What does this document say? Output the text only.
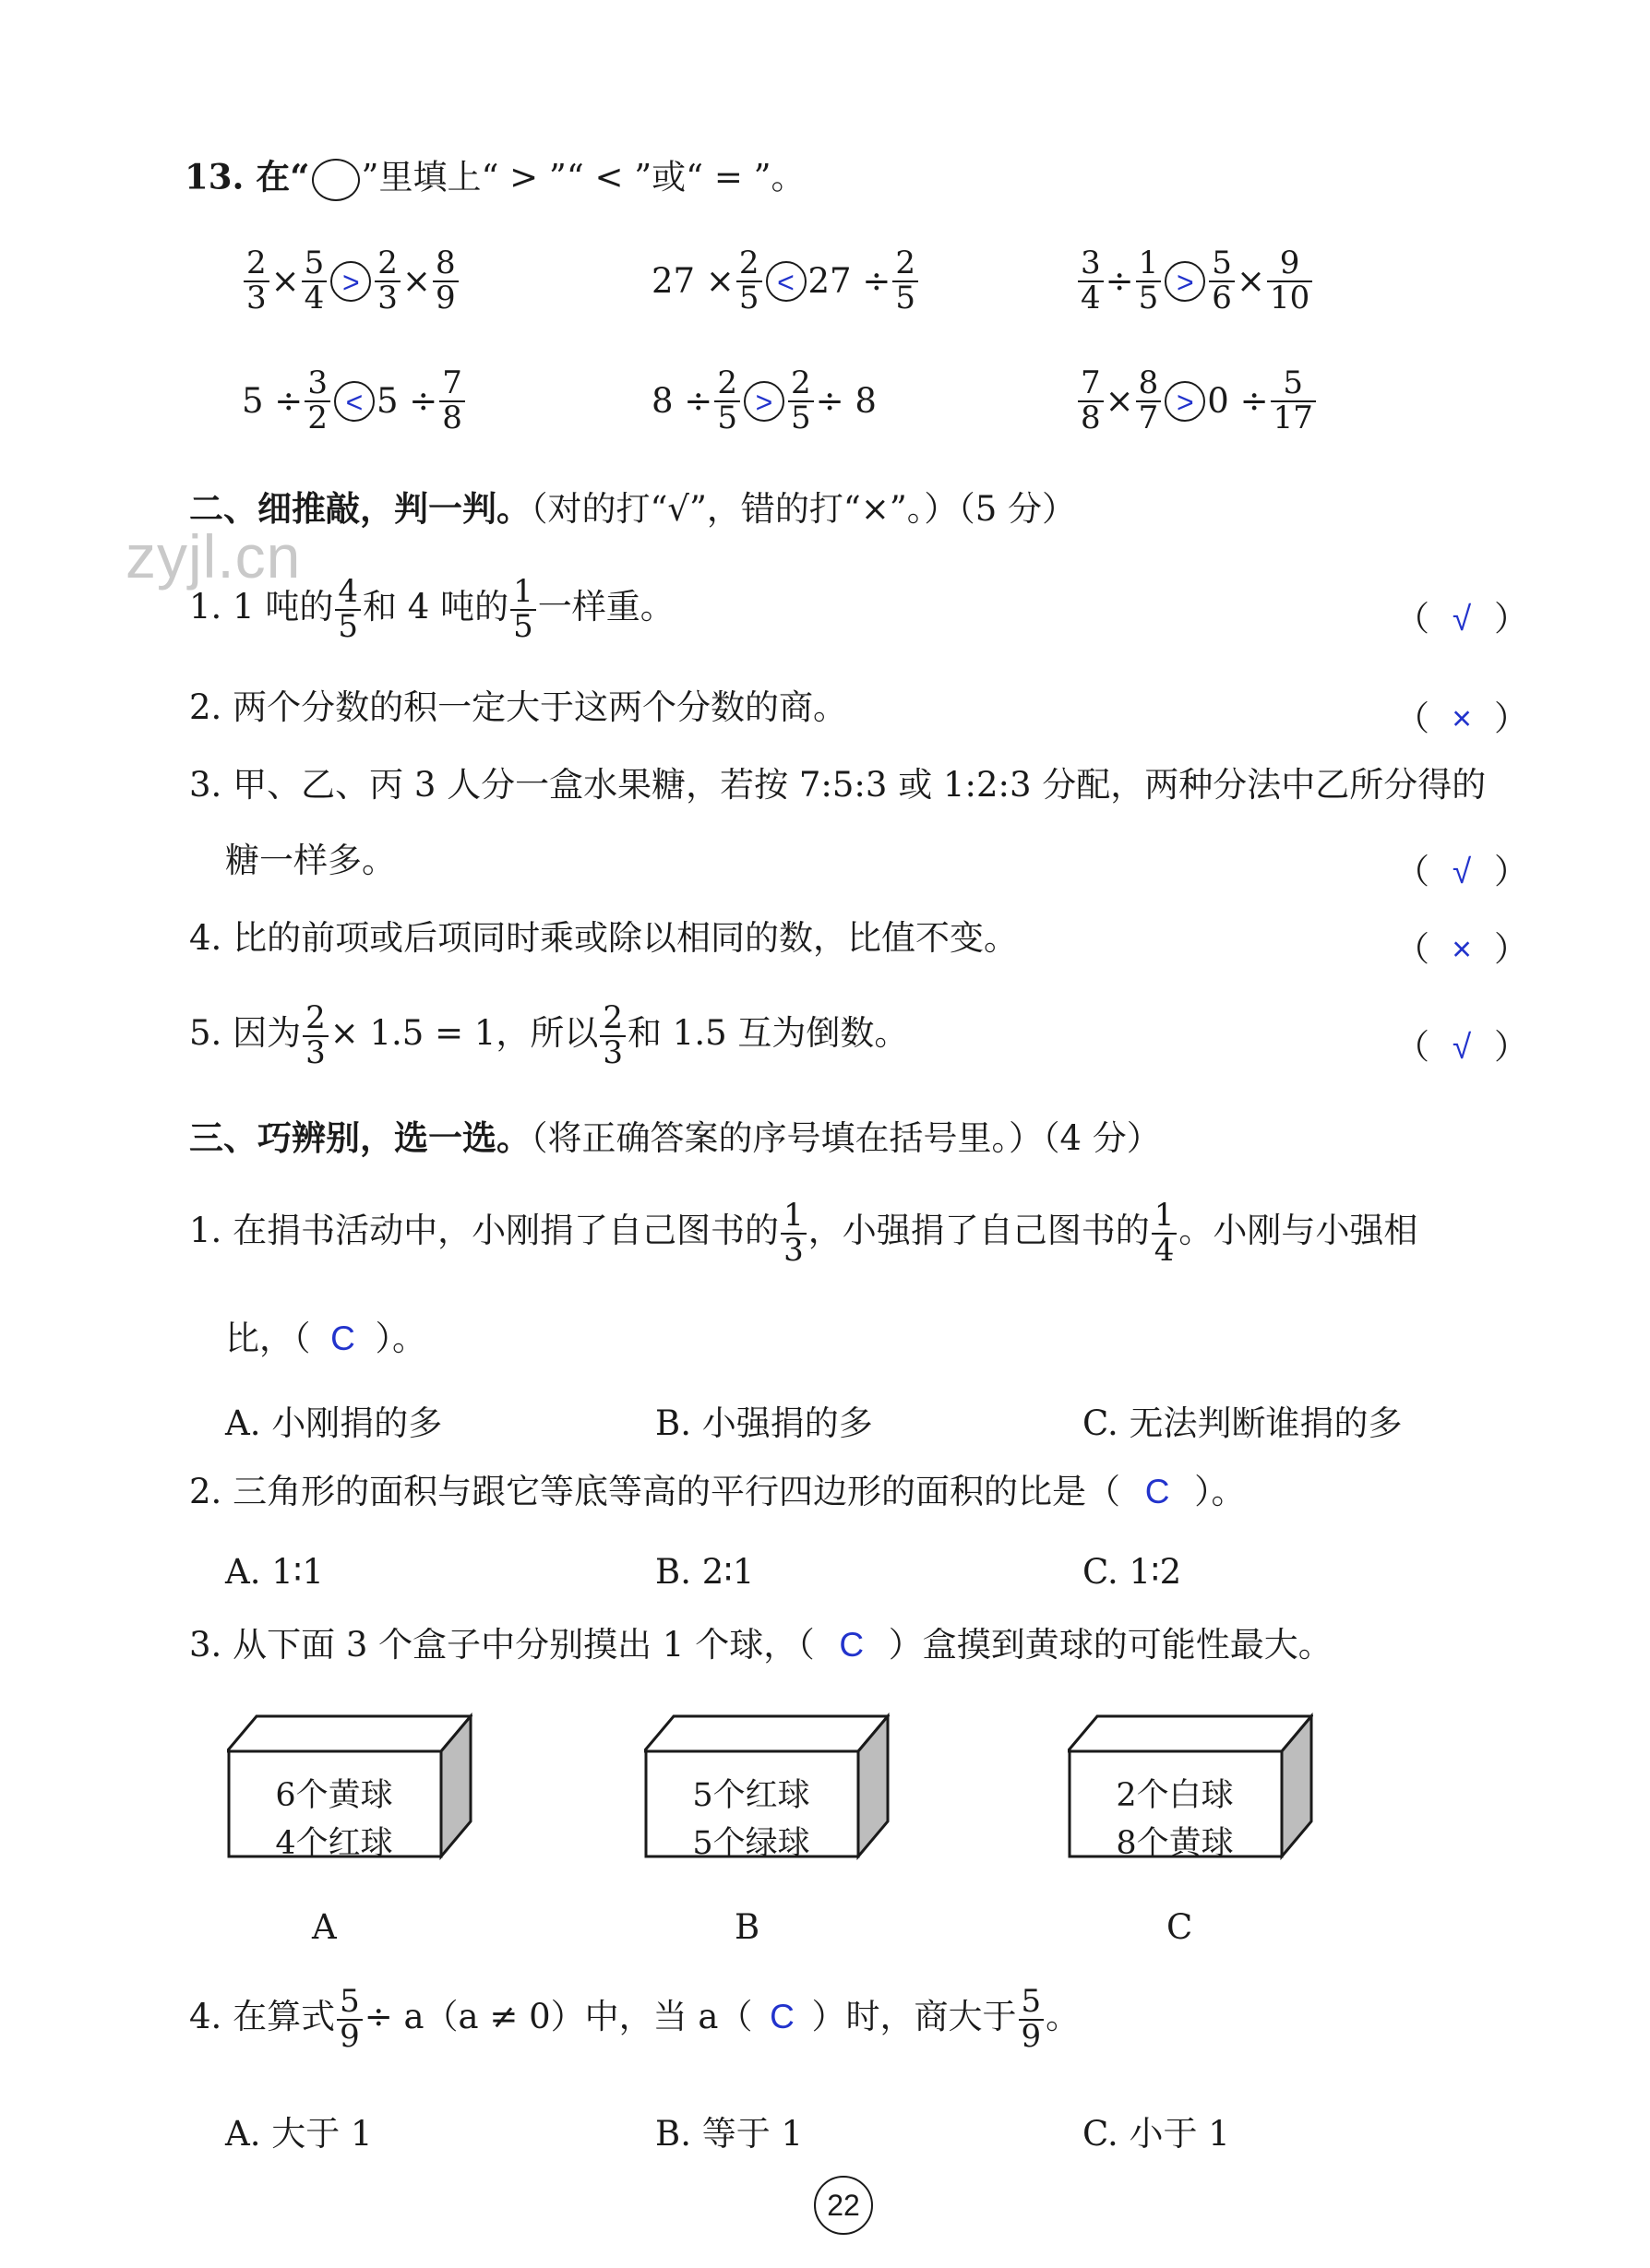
zyjl.cn
13. 在“ ”里填上“ > ”“ < ”或“ = ”。
$\frac{2}{3} \times \frac{5}{4} > \frac{2}{3} \times \frac{8}{9}$	$27 \times \frac{2}{5} < 27 \div \frac{2}{5}$	$\frac{3}{4} \div \frac{1}{5} > \frac{5}{6} \times \frac{9}{10}$
$5 \div \frac{3}{2} < 5 \div \frac{7}{8}$	$8 \div \frac{2}{5} > \frac{2}{5} \div 8$	$\frac{7}{8} \times \frac{8}{7} > 0 \div \frac{5}{17}$
二、细推敲，判一判。（对的打“√”，错的打“×”。）（5 分）
1. 1 吨的 $\frac{4}{5}$ 和 4 吨的 $\frac{1}{5}$ 一样重。	（ √ ）
2. 两个分数的积一定大于这两个分数的商。	（ × ）
3. 甲、乙、丙 3 人分一盒水果糖，若按 7:5:3 或 1:2:3 分配，两种分法中乙所分得的
糖一样多。	（ √ ）
4. 比的前项或后项同时乘或除以相同的数，比值不变。	（ × ）
5. 因为 $\frac{2}{3} \times 1.5 = 1$，所以 $\frac{2}{3}$ 和 1.5 互为倒数。	（ √ ）
三、巧辨别，选一选。（将正确答案的序号填在括号里。）（4 分）
1. 在捐书活动中，小刚捐了自己图书的 $\frac{1}{3}$ ，小强捐了自己图书的 $\frac{1}{4}$ 。小刚与小强相
比，（ C ）。
A. 小刚捐的多	B. 小强捐的多	C. 无法判断谁捐的多
2. 三角形的面积与跟它等底等高的平行四边形的面积的比是（ C ）。
A. 1∶1	B. 2∶1	C. 1∶2
3. 从下面 3 个盒子中分别摸出 1 个球，（ C ）盒摸到黄球的可能性最大。
6个黄球
4个红球
A
5个红球
5个绿球
B
2个白球
8个黄球
C
4. 在算式 $\frac{5}{9} \div a(a \ne 0)$中，当 a（ C ）时，商大于 $\frac{5}{9}$ 。
A. 大于 1	B. 等于 1	C. 小于 1
22
